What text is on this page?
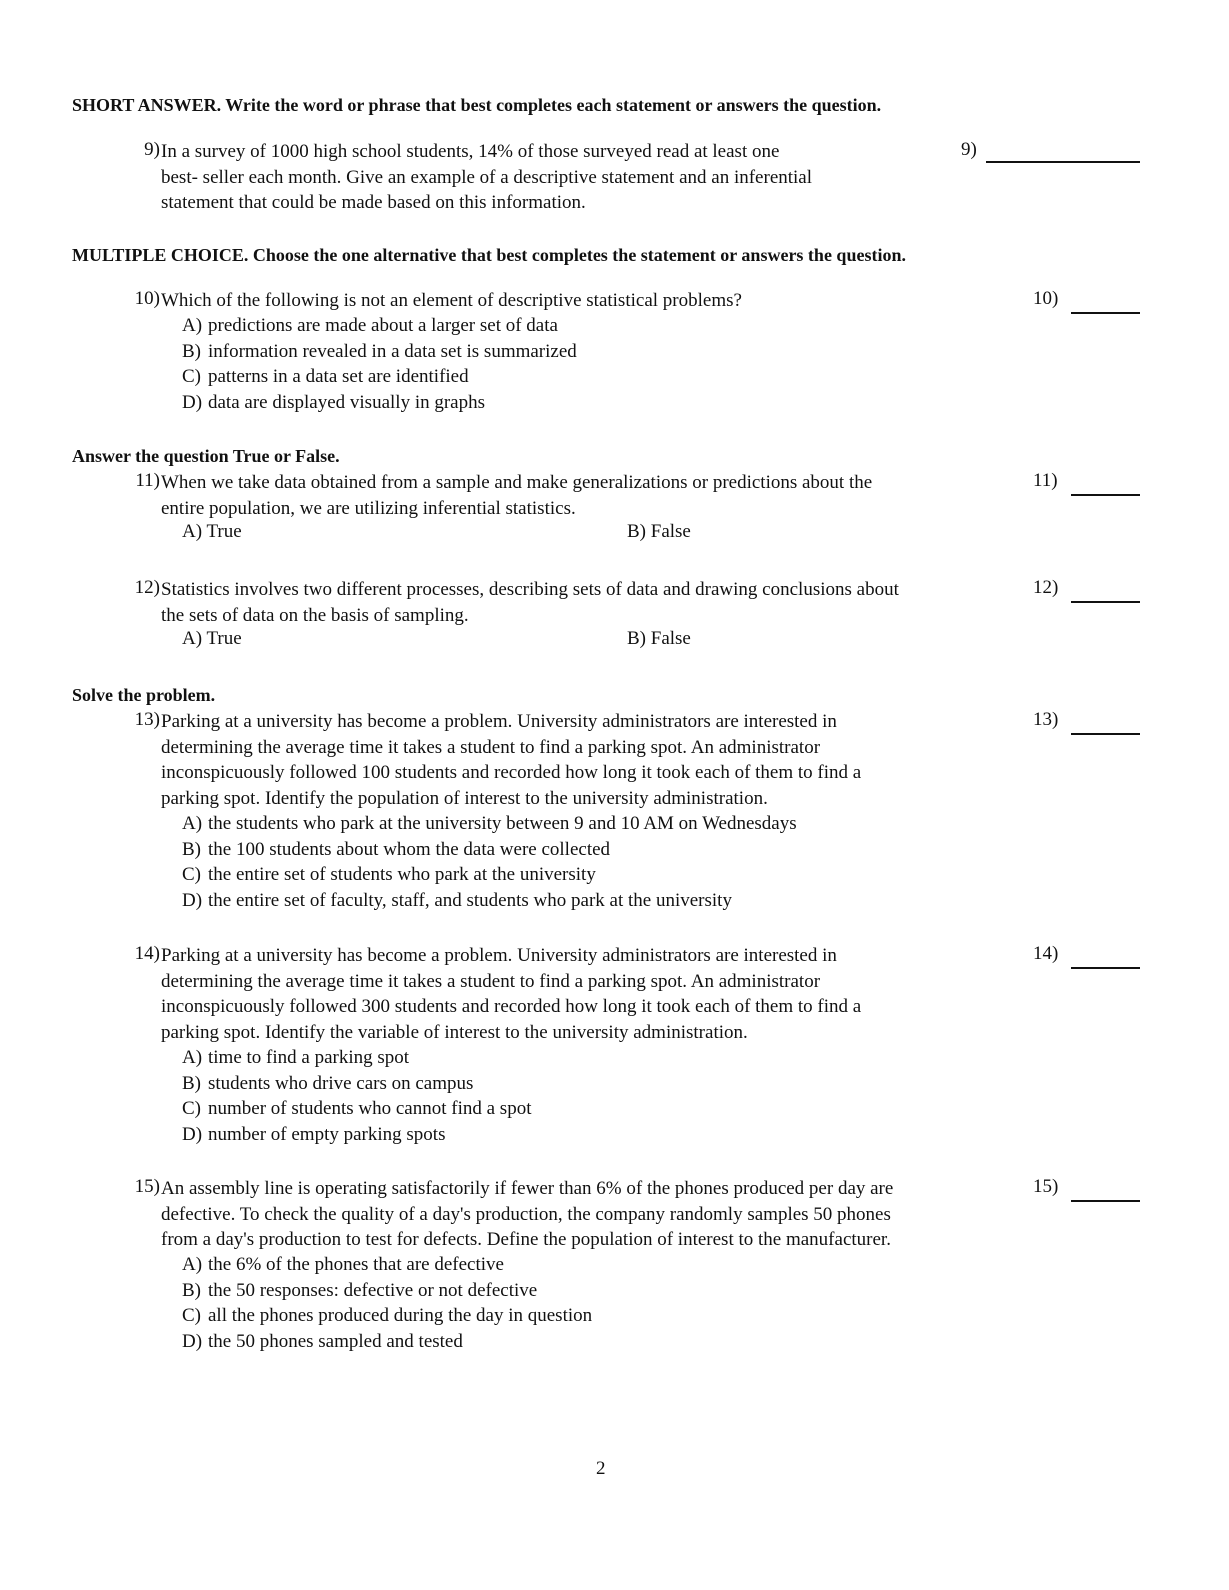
SHORT ANSWER. Write the word or phrase that best completes each statement or answers the question.
9) In a survey of 1000 high school students, 14% of those surveyed read at least one
best- seller each month. Give an example of a descriptive statement and an inferential
statement that could be made based on this information.

9)
MULTIPLE CHOICE. Choose the one alternative that best completes the statement or answers the question.
10) Which of the following is not an element of descriptive statistical problems?

A) predictions are made about a larger set of data
B) information revealed in a data set is summarized
C) patterns in a data set are identified
D) data are displayed visually in graphs
10)
Answer the question True or False.
11) When we take data obtained from a sample and make generalizations or predictions about the
entire population, we are utilizing inferential statistics.

A) True	B) False
11)
12) Statistics involves two different processes, describing sets of data and drawing conclusions about
the sets of data on the basis of sampling.

A) True	B) False
12)
Solve the problem.
13) Parking at a university has become a problem. University administrators are interested in
determining the average time it takes a student to find a parking spot. An administrator
inconspicuously followed 100 students and recorded how long it took each of them to find a
parking spot. Identify the population of interest to the university administration.

A) the students who park at the university between 9 and 10 AM on Wednesdays
B) the 100 students about whom the data were collected
C) the entire set of students who park at the university
D) the entire set of faculty, staff, and students who park at the university
13)
14) Parking at a university has become a problem. University administrators are interested in
determining the average time it takes a student to find a parking spot. An administrator
inconspicuously followed 300 students and recorded how long it took each of them to find a
parking spot. Identify the variable of interest to the university administration.

A) time to find a parking spot
B) students who drive cars on campus
C) number of students who cannot find a spot
D) number of empty parking spots
14)
15) An assembly line is operating satisfactorily if fewer than 6% of the phones produced per day are
defective. To check the quality of a day's production, the company randomly samples 50 phones
from a day's production to test for defects. Define the population of interest to the manufacturer.

A) the 6% of the phones that are defective
B) the 50 responses: defective or not defective
C) all the phones produced during the day in question
D) the 50 phones sampled and tested
15)
2
